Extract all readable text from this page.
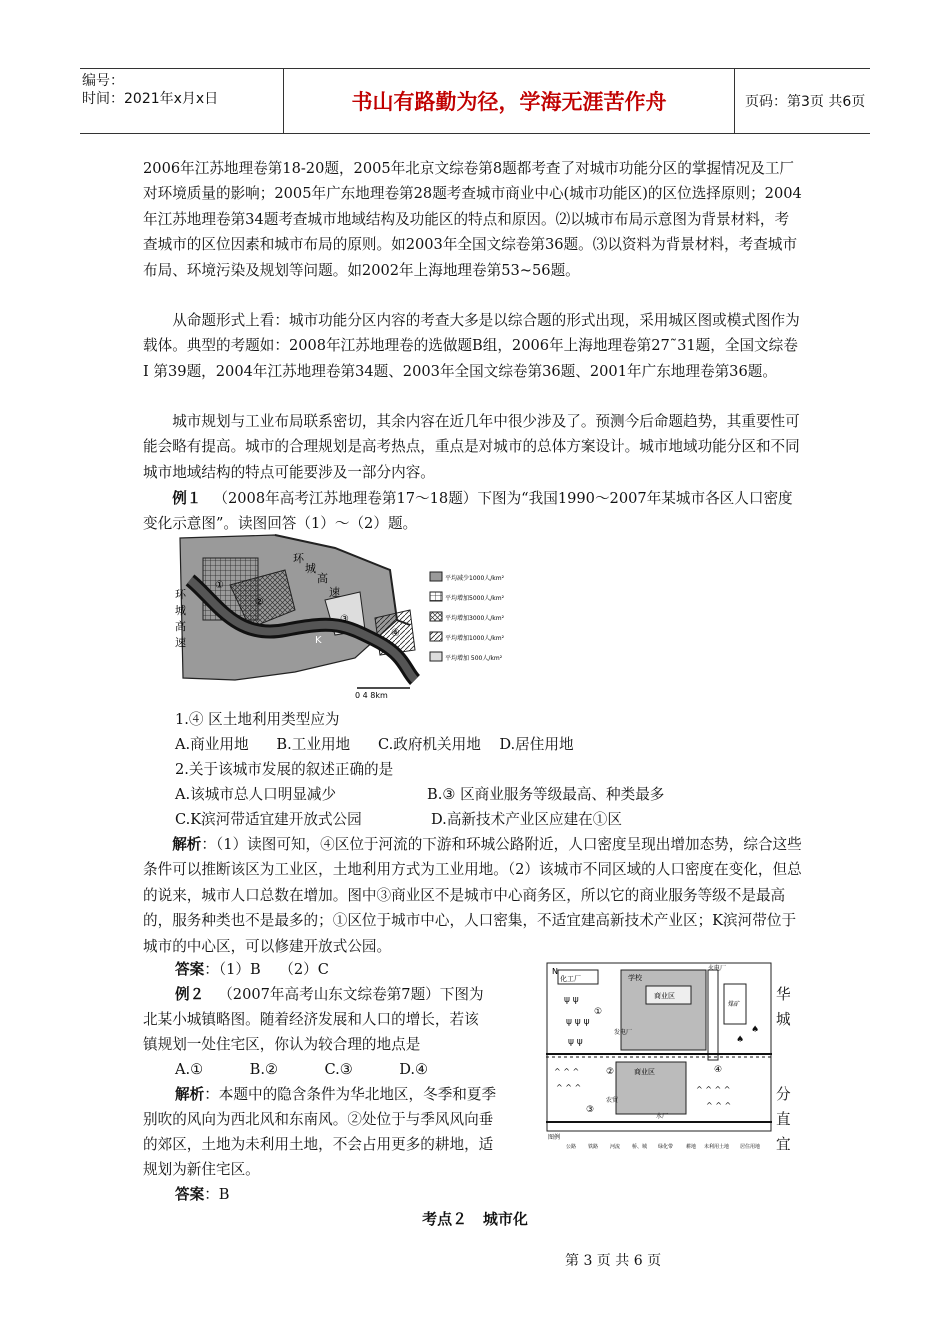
编号：
时间：2021年x月x日	书山有路勤为径，学海无涯苦作舟	页码：第3页 共6页
2006年江苏地理卷第18-20题，2005年北京文综卷第8题都考查了对城市功能分区的掌握情况及工厂对环境质量的影响；2005年广东地理卷第28题考查城市商业中心(城市功能区)的区位选择原则；2004年江苏地理卷第34题考查城市地域结构及功能区的特点和原因。⑵以城市布局示意图为背景材料，考查城市的区位因素和城市布局的原则。如2003年全国文综卷第36题。⑶以资料为背景材料，考查城市布局、环境污染及规划等问题。如2002年上海地理卷第53~56题。
从命题形式上看：城市功能分区内容的考查大多是以综合题的形式出现，采用城区图或模式图作为载体。典型的考题如：2008年江苏地理卷的选做题B组，2006年上海地理卷第27˜31题，全国文综卷Ⅰ 第39题，2004年江苏地理卷第34题、2003年全国文综卷第36题、2001年广东地理卷第36题。
城市规划与工业布局联系密切，其余内容在近几年中很少涉及了。预测今后命题趋势，其重要性可能会略有提高。城市的合理规划是高考热点，重点是对城市的总体方案设计。城市地域功能分区和不同城市地域结构的特点可能要涉及一部分内容。
例１ （2008年高考江苏地理卷第17～18题）下图为“我国1990～2007年某城市各区人口密度变化示意图”。读图回答（1）～（2）题。
环
城
高
速
环
城
高
速
①
②
③
④
K
平均减少1000人/km²
平均增加5000人/km²
平均增加3000人/km²
平均增加1000人/km²
平均增加 500人/km²
0 4 8km
1.④ 区土地利用类型应为
A.商业用地      B.工业用地      C.政府机关用地    D.居住用地
2.关于该城市发展的叙述正确的是
A.该城市总人口明显减少	B.③ 区商业服务等级最高、种类最多
C.K滨河带适宜建开放式公园	D.高新技术产业区应建在①区
解析：（1）读图可知，④区位于河流的下游和环城公路附近，人口密度呈现出增加态势，综合这些条件可以推断该区为工业区，土地利用方式为工业用地。（2）该城市不同区域的人口密度在变化，但总的说来，城市人口总数在增加。图中③商业区不是城市中心商务区，所以它的商业服务等级不是最高的，服务种类也不是最多的；①区位于城市中心，人口密集，不适宜建高新技术产业区；K滨河带位于城市的中心区，可以修建开放式公园。
答案：（1）B    （2）C
例２ （2007年高考山东文综卷第7题）下图为
北某小城镇略图。随着经济发展和人口的增长，若该
镇规划一处住宅区，你认为较合理的地点是
华
城
A.①          B.②          C.③          D.④
解析：本题中的隐含条件为华北地区，冬季和夏季
别吹的风向为西北风和东南风。②处位于与季风风向垂
的郊区，土地为未利用土地，不会占用更多的耕地，适
规划为新住宅区。
分
直
宜
答案：B
N
化工厂	学校
商业区
火电厂
煤矿
发电厂
商业区
水厂
农贸
①
②
③
④
ψ ψ
ψ ψ ψ
ψ ψ	♠
♠
^ ^ ^
^ ^ ^	^ ^ ^ ^
^ ^ ^
图例
公路 铁路 河流 桥、城 绿化带	耕地 未利用土地 居住用地
考点２   城市化
第 3 页 共 6 页
